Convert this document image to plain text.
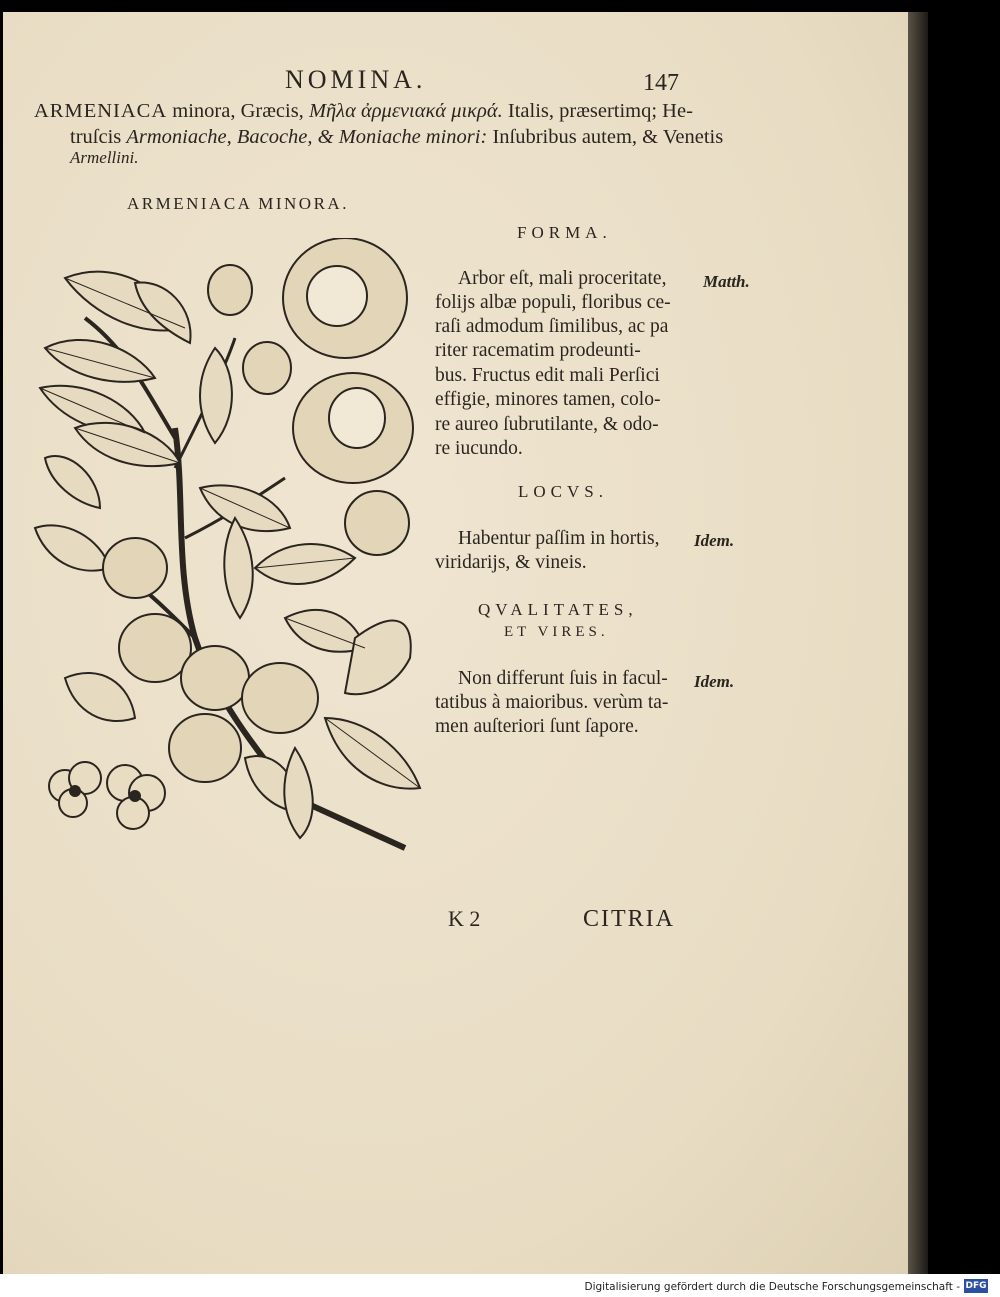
NOMINA.	147
ARMENIACA minora, Græcis, Μῆλα ἀρμενιακά μικρά. Italis, præsertimq; He-
truſcis Armoniache, Bacoche, & Moniache minori: Inſubribus autem, & Venetis
Armellini.
ARMENIACA MINORA.
FORMA.
Arbor eſt, mali proceritate,
folijs albæ populi, floribus ce-
raſi admodum ſimilibus, ac pa
riter racematim prodeunti-
bus. Fructus edit mali Perſici
effigie, minores tamen, colo-
re aureo ſubrutilante, & odo-
re iucundo.
Matth.
LOCVS.
Habentur paſſim in hortis,
viridarijs, & vineis.
Idem.
QVALITATES,
ET VIRES.
Non differunt ſuis in facul-
tatibus à maioribus. verùm ta-
men auſteriori ſunt ſapore.
Idem.
K 2	CITRIA
Digitalisierung gefördert durch die Deutsche Forschungsgemeinschaft - DFG
